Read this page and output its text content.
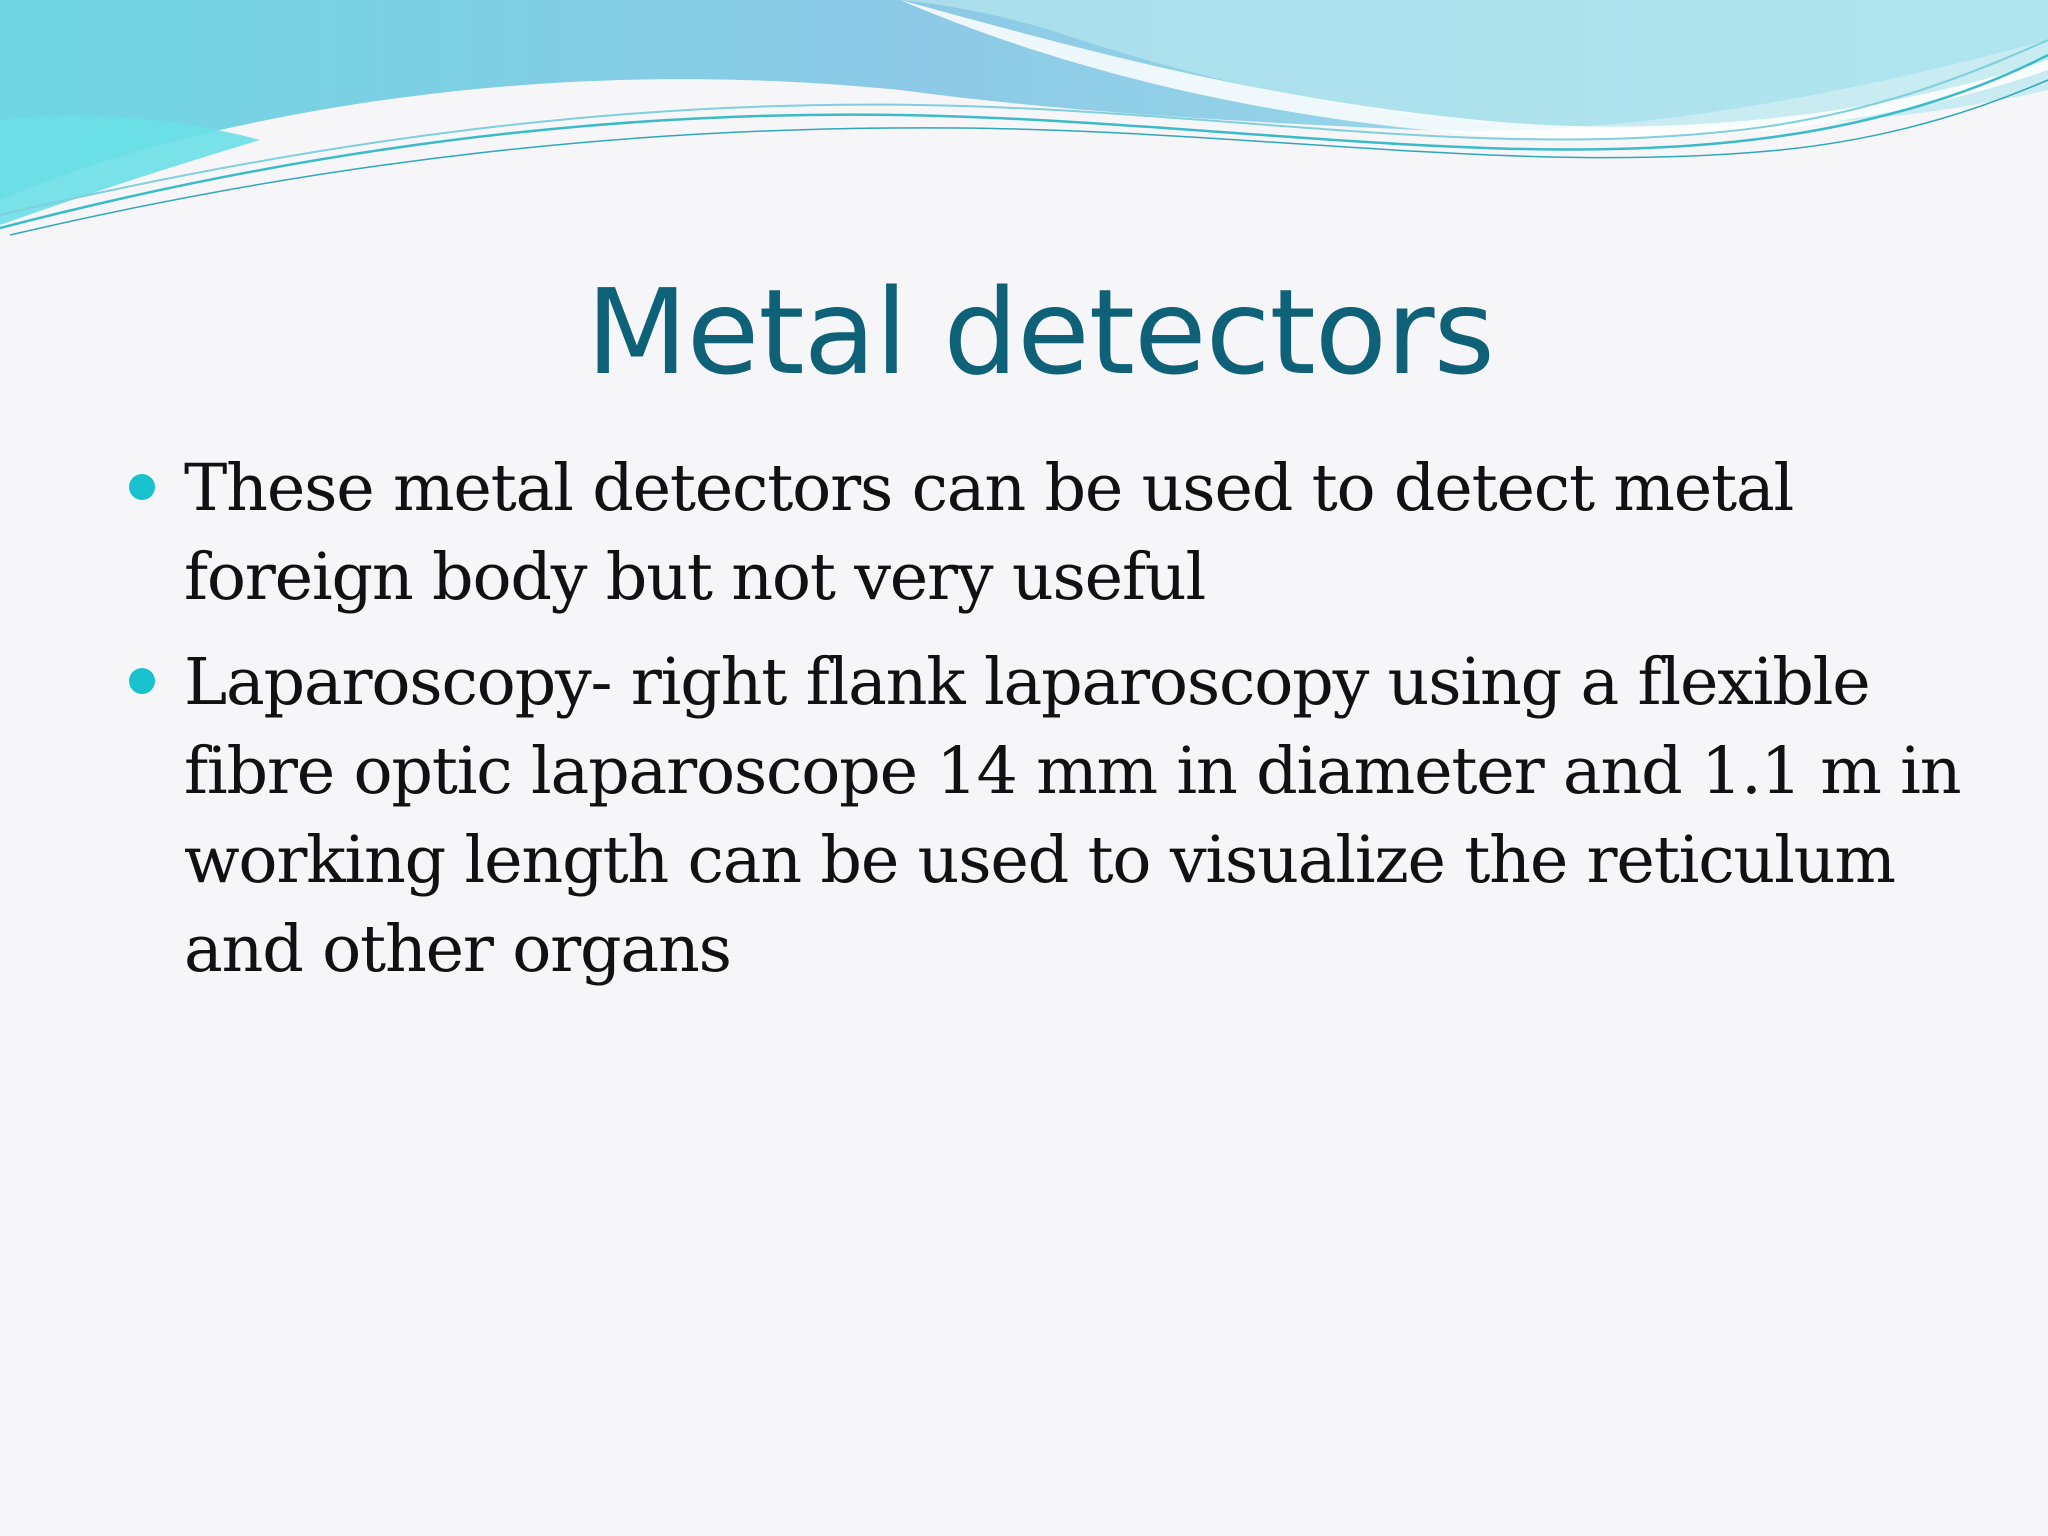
Metal detectors
These metal detectors can be used to detect metal foreign body but not very useful
Laparoscopy- right flank laparoscopy using a flexible fibre optic laparoscope 14 mm in diameter and 1.1 m in working length can be used to visualize the reticulum and other organs
